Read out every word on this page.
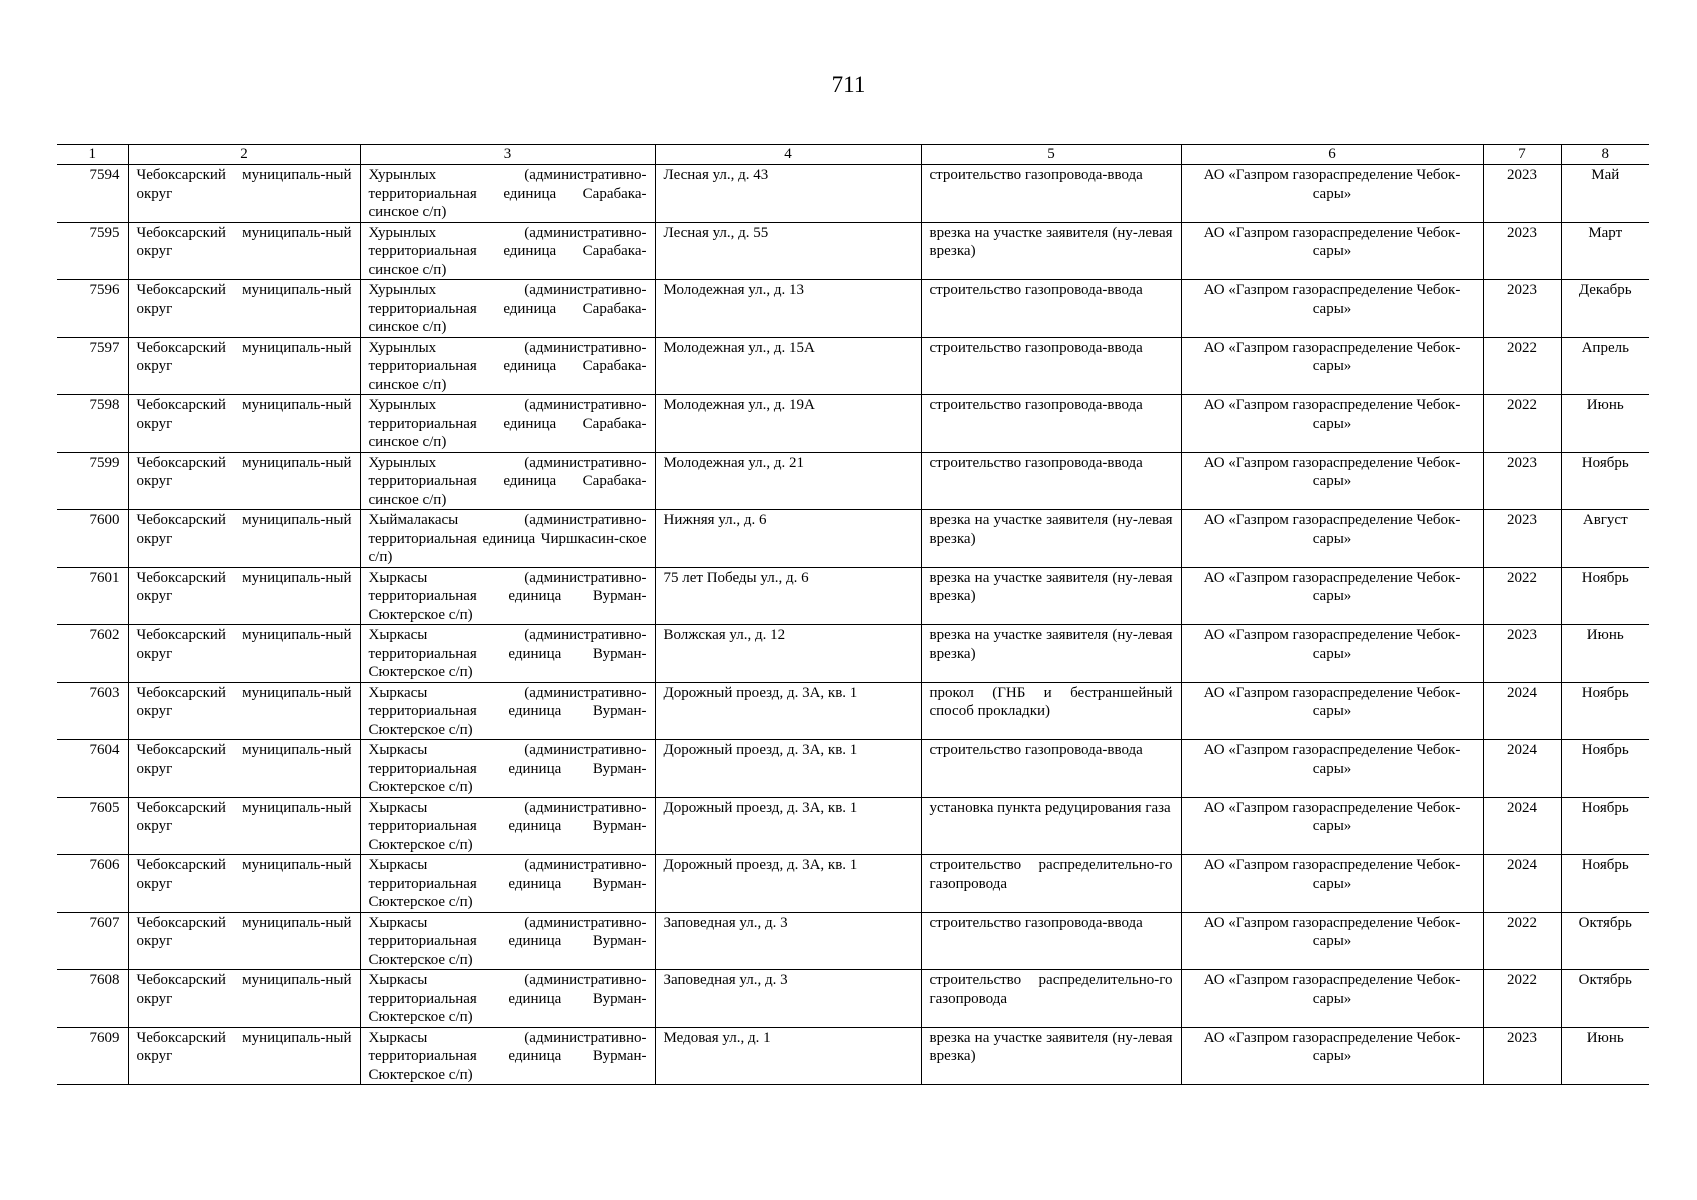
711
1	2	3	4	5	6	7	8
7594	Чебоксарский муниципаль-ный округ	Хурынлых (административно-территориальная единица Сарабака-синское с/п)	Лесная ул., д. 43	строительство газопровода-ввода	АО «Газпром газораспределение Чебок-сары»	2023	Май
7595	Чебоксарский муниципаль-ный округ	Хурынлых (административно-территориальная единица Сарабака-синское с/п)	Лесная ул., д. 55	врезка на участке заявителя (ну-левая врезка)	АО «Газпром газораспределение Чебок-сары»	2023	Март
7596	Чебоксарский муниципаль-ный округ	Хурынлых (административно-территориальная единица Сарабака-синское с/п)	Молодежная ул., д. 13	строительство газопровода-ввода	АО «Газпром газораспределение Чебок-сары»	2023	Декабрь
7597	Чебоксарский муниципаль-ный округ	Хурынлых (административно-территориальная единица Сарабака-синское с/п)	Молодежная ул., д. 15А	строительство газопровода-ввода	АО «Газпром газораспределение Чебок-сары»	2022	Апрель
7598	Чебоксарский муниципаль-ный округ	Хурынлых (административно-территориальная единица Сарабака-синское с/п)	Молодежная ул., д. 19А	строительство газопровода-ввода	АО «Газпром газораспределение Чебок-сары»	2022	Июнь
7599	Чебоксарский муниципаль-ный округ	Хурынлых (административно-территориальная единица Сарабака-синское с/п)	Молодежная ул., д. 21	строительство газопровода-ввода	АО «Газпром газораспределение Чебок-сары»	2023	Ноябрь
7600	Чебоксарский муниципаль-ный округ	Хыймалакасы (административно-территориальная единица Чиршкасин-ское с/п)	Нижняя ул., д. 6	врезка на участке заявителя (ну-левая врезка)	АО «Газпром газораспределение Чебок-сары»	2023	Август
7601	Чебоксарский муниципаль-ный округ	Хыркасы (административно-территориальная единица Вурман-Сюктерское с/п)	75 лет Победы ул., д. 6	врезка на участке заявителя (ну-левая врезка)	АО «Газпром газораспределение Чебок-сары»	2022	Ноябрь
7602	Чебоксарский муниципаль-ный округ	Хыркасы (административно-территориальная единица Вурман-Сюктерское с/п)	Волжская ул., д. 12	врезка на участке заявителя (ну-левая врезка)	АО «Газпром газораспределение Чебок-сары»	2023	Июнь
7603	Чебоксарский муниципаль-ный округ	Хыркасы (административно-территориальная единица Вурман-Сюктерское с/п)	Дорожный проезд, д. 3А, кв. 1	прокол (ГНБ и бестраншейный способ прокладки)	АО «Газпром газораспределение Чебок-сары»	2024	Ноябрь
7604	Чебоксарский муниципаль-ный округ	Хыркасы (административно-территориальная единица Вурман-Сюктерское с/п)	Дорожный проезд, д. 3А, кв. 1	строительство газопровода-ввода	АО «Газпром газораспределение Чебок-сары»	2024	Ноябрь
7605	Чебоксарский муниципаль-ный округ	Хыркасы (административно-территориальная единица Вурман-Сюктерское с/п)	Дорожный проезд, д. 3А, кв. 1	установка пункта редуцирования газа	АО «Газпром газораспределение Чебок-сары»	2024	Ноябрь
7606	Чебоксарский муниципаль-ный округ	Хыркасы (административно-территориальная единица Вурман-Сюктерское с/п)	Дорожный проезд, д. 3А, кв. 1	строительство распределительно-го газопровода	АО «Газпром газораспределение Чебок-сары»	2024	Ноябрь
7607	Чебоксарский муниципаль-ный округ	Хыркасы (административно-территориальная единица Вурман-Сюктерское с/п)	Заповедная ул., д. 3	строительство газопровода-ввода	АО «Газпром газораспределение Чебок-сары»	2022	Октябрь
7608	Чебоксарский муниципаль-ный округ	Хыркасы (административно-территориальная единица Вурман-Сюктерское с/п)	Заповедная ул., д. 3	строительство распределительно-го газопровода	АО «Газпром газораспределение Чебок-сары»	2022	Октябрь
7609	Чебоксарский муниципаль-ный округ	Хыркасы (административно-территориальная единица Вурман-Сюктерское с/п)	Медовая ул., д. 1	врезка на участке заявителя (ну-левая врезка)	АО «Газпром газораспределение Чебок-сары»	2023	Июнь
